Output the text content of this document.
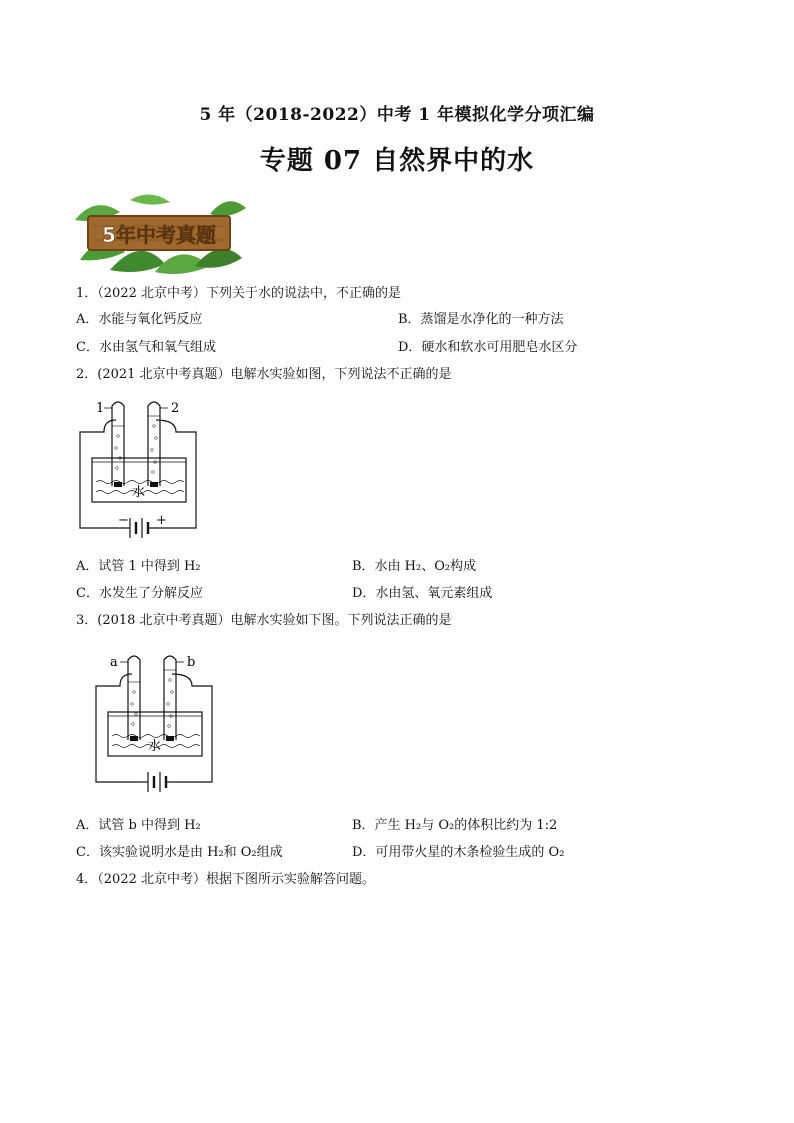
5 年（2018-2022）中考 1 年模拟化学分项汇编
专题 07 自然界中的水
5年中考真题
1．（2022 北京中考）下列关于水的说法中，不正确的是
A．水能与氧化钙反应	B．蒸馏是水净化的一种方法
C．水由氢气和氧气组成	D．硬水和软水可用肥皂水区分
2．(2021 北京中考真题）电解水实验如图，下列说法不正确的是
1	2
水
− +
A．试管 1 中得到 H₂	B．水由 H₂、O₂构成
C．水发生了分解反应	D．水由氢、氧元素组成
3．(2018 北京中考真题）电解水实验如下图。下列说法正确的是
a	b
水
A．试管 b 中得到 H₂	B．产生 H₂与 O₂的体积比约为 1:2
C．该实验说明水是由 H₂和 O₂组成	D．可用带火星的木条检验生成的 O₂
4．（2022 北京中考）根据下图所示实验解答问题。
